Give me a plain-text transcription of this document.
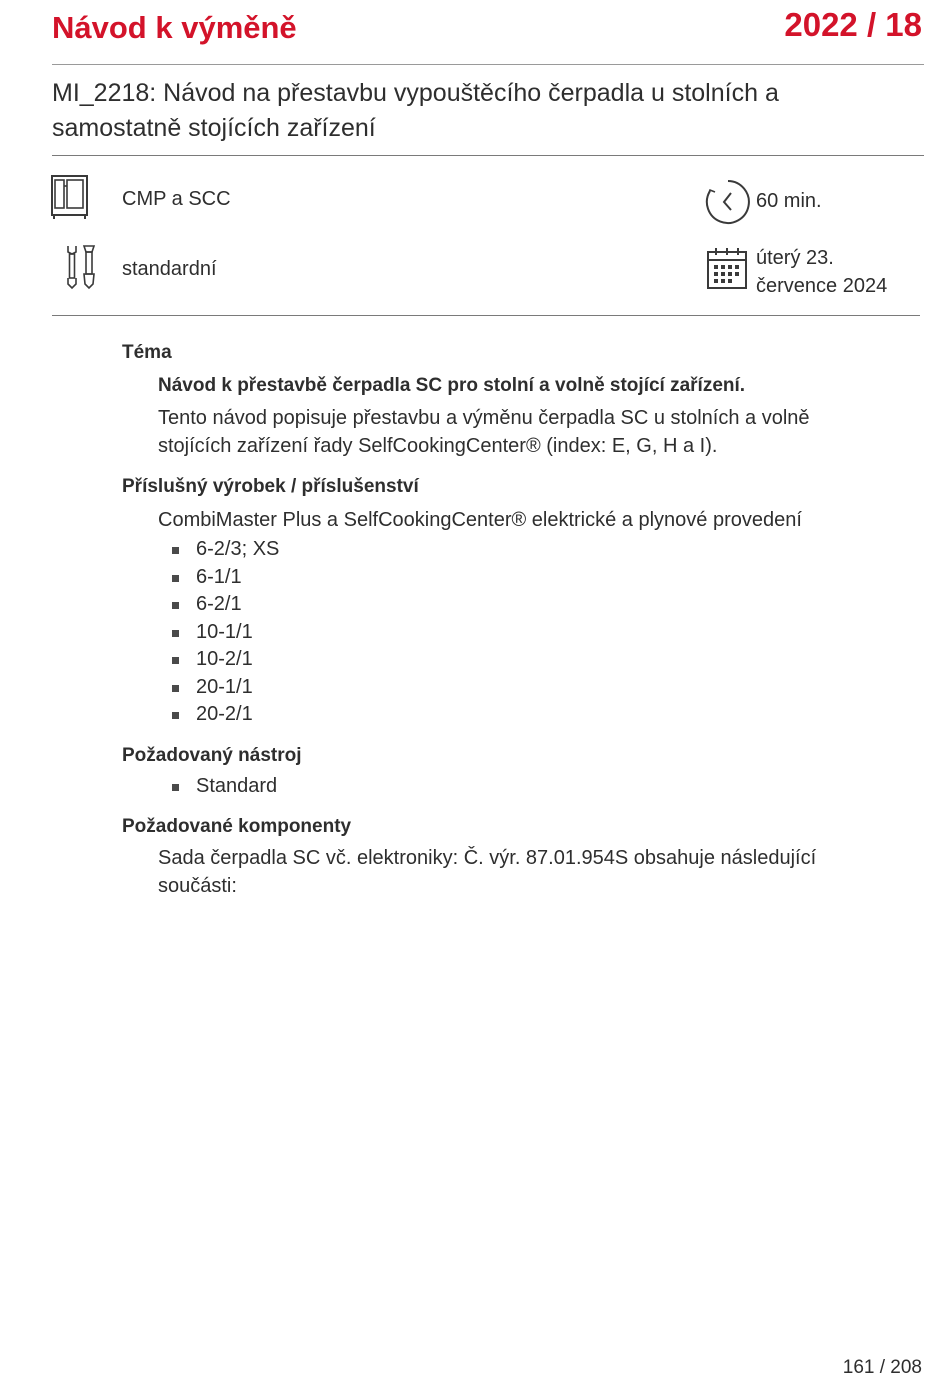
Návod k výměně	2022 / 18
MI_2218: Návod na přestavbu vypouštěcího čerpadla u stolních a samostatně stojících zařízení
CMP a SCC	60 min.
standardní	úterý 23.
července 2024
Téma
Návod k přestavbě čerpadla SC pro stolní a volně stojící zařízení.

Tento návod popisuje přestavbu a výměnu čerpadla SC u stolních a volně stojících zařízení řady SelfCookingCenter® (index: E, G, H a I).

Příslušný výrobek / příslušenství

CombiMaster Plus a SelfCookingCenter® elektrické a plynové provedení

6-2/3; XS
6-1/1
6-2/1
10-1/1
10-2/1
20-1/1
20-2/1
Požadovaný nástroj
Standard
Požadované komponenty

Sada čerpadla SC vč. elektroniky: Č. výr. 87.01.954S obsahuje následující součásti:

161 / 208
